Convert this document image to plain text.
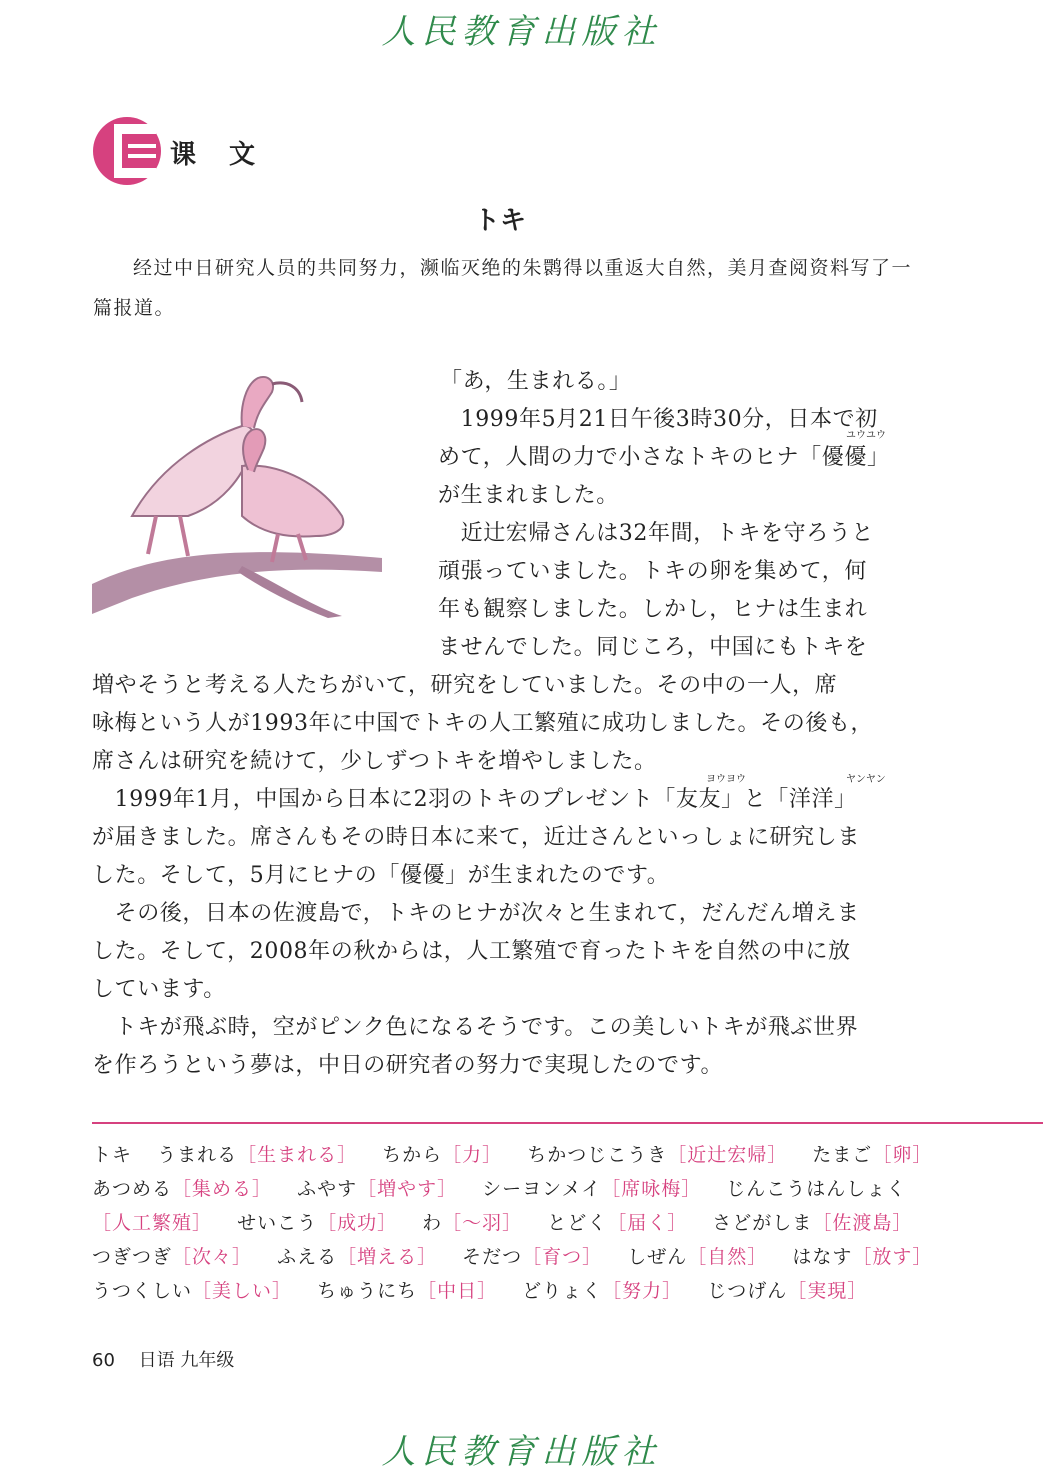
人民教育出版社
课 文
トキ
经过中日研究人员的共同努力，濒临灭绝的朱鹮得以重返大自然，美月查阅资料写了一篇报道。
「あ，生まれる。」
　1999年5月21日午後3時30分，日本で初
ユウユウ
めて，人間の力で小さなトキのヒナ「優優」
が生まれました。
　近辻宏帰さんは32年間，トキを守ろうと
頑張っていました。トキの卵を集めて，何
年も観察しました。しかし，ヒナは生まれ
ませんでした。同じころ，中国にもトキを
増やそうと考える人たちがいて，研究をしていました。その中の一人，席
咏梅という人が1993年に中国でトキの人工繁殖に成功しました。その後も，
席さんは研究を続けて，少しずつトキを増やしました。
ヨウヨウ	ヤンヤン
　1999年1月，中国から日本に2羽のトキのプレゼント「友友」と「洋洋」
が届きました。席さんもその時日本に来て，近辻さんといっしょに研究しま
した。そして，5月にヒナの「優優」が生まれたのです。
　その後，日本の佐渡島で，トキのヒナが次々と生まれて，だんだん増えま
した。そして，2008年の秋からは，人工繁殖で育ったトキを自然の中に放
しています。
　トキが飛ぶ時，空がピンク色になるそうです。この美しいトキが飛ぶ世界
を作ろうという夢は，中日の研究者の努力で実現したのです。
トキ うまれる［生まれる］ ちから［力］ ちかつじこうき［近辻宏帰］ たまご［卵］
あつめる［集める］ ふやす［増やす］ シーヨンメイ［席咏梅］ じんこうはんしょく
［人工繁殖］ せいこう［成功］ わ［～羽］ とどく［届く］ さどがしま［佐渡島］
つぎつぎ［次々］ ふえる［増える］ そだつ［育つ］ しぜん［自然］ はなす［放す］
うつくしい［美しい］ ちゅうにち［中日］ どりょく［努力］ じつげん［実現］
60 日语 九年级
人民教育出版社
